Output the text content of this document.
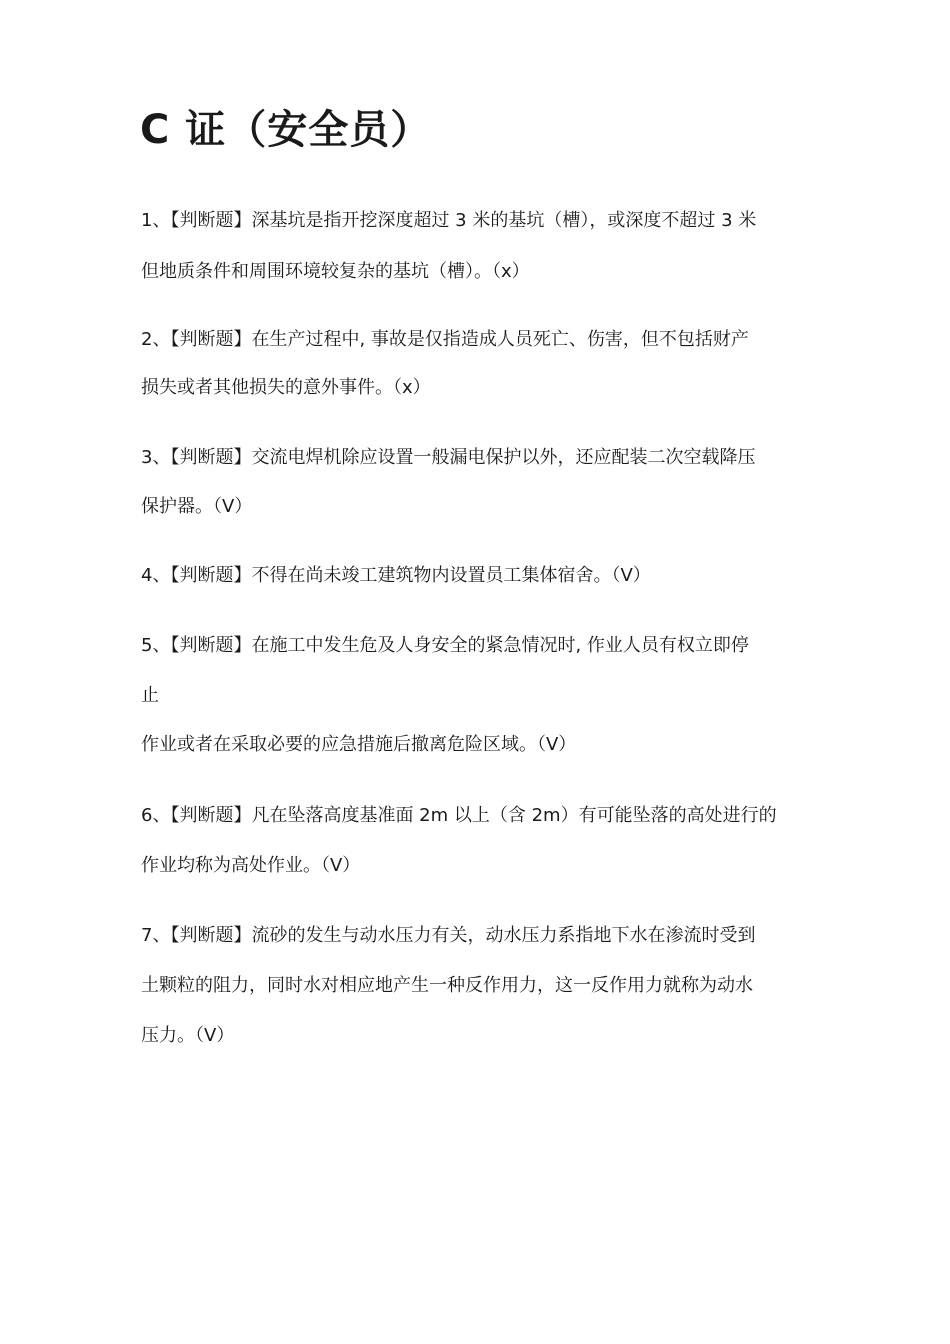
C 证（安全员）

1、【判断题】深基坑是指开挖深度超过 3 米的基坑（槽），或深度不超过 3 米

但地质条件和周围环境较复杂的基坑（槽）。（x）

2、【判断题】在生产过程中, 事故是仅指造成人员死亡、伤害，但不包括财产

损失或者其他损失的意外事件。（x）

3、【判断题】交流电焊机除应设置一般漏电保护以外，还应配装二次空载降压

保护器。（V）

4、【判断题】不得在尚未竣工建筑物内设置员工集体宿舍。（V）

5、【判断题】在施工中发生危及人身安全的紧急情况时, 作业人员有权立即停

止

作业或者在采取必要的应急措施后撤离危险区域。（V）

6、【判断题】凡在坠落高度基准面 2m 以上（含 2m）有可能坠落的高处进行的

作业均称为高处作业。（V）

7、【判断题】流砂的发生与动水压力有关，动水压力系指地下水在渗流时受到

土颗粒的阻力，同时水对相应地产生一种反作用力，这一反作用力就称为动水

压力。（V）
